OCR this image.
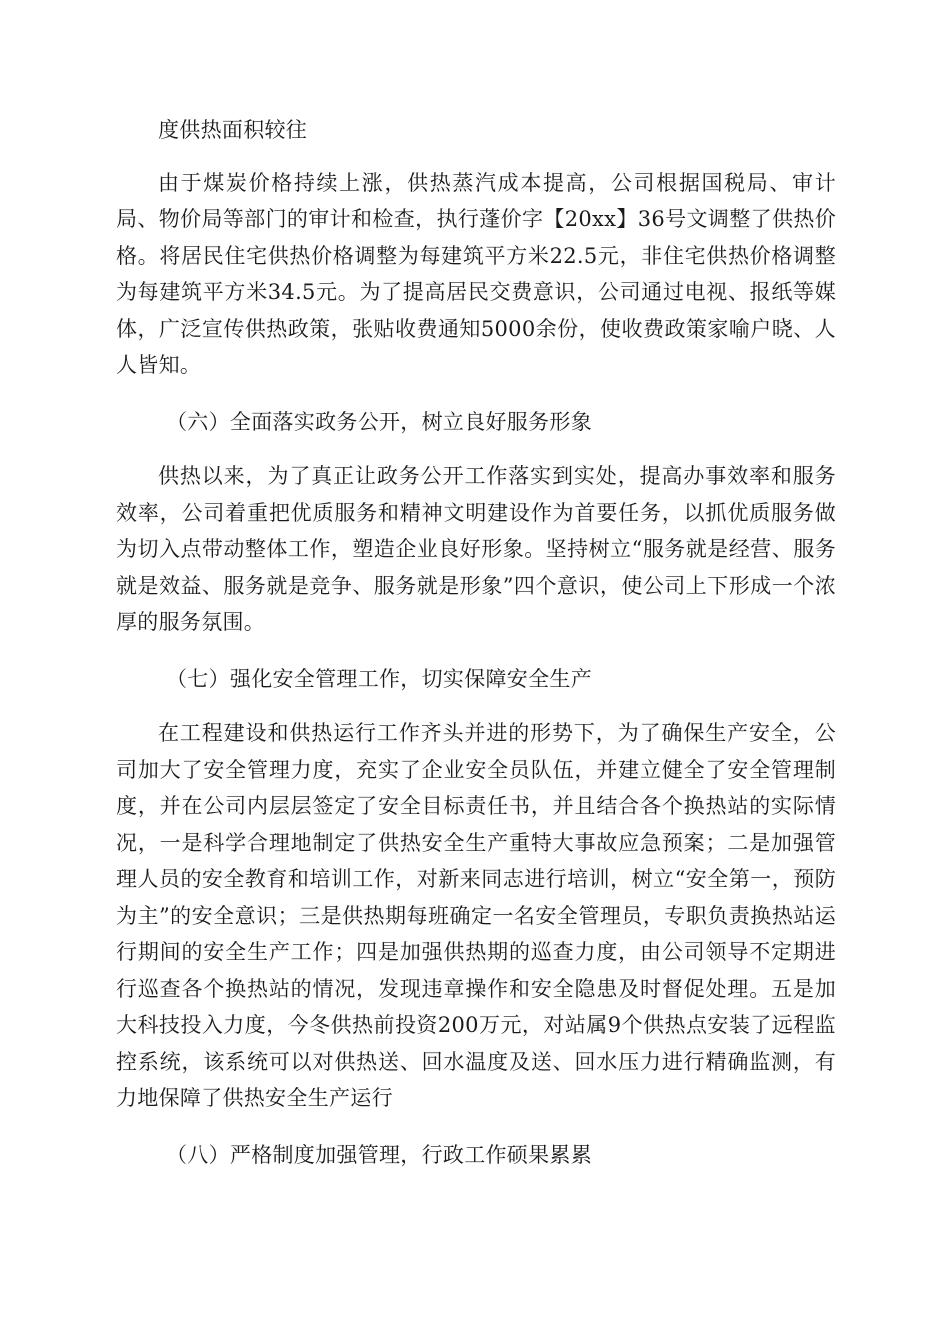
度供热面积较往

由于煤炭价格持续上涨，供热蒸汽成本提高，公司根据国税局、审计局、物价局等部门的审计和检查，执行蓬价字【20xx】36号文调整了供热价格。将居民住宅供热价格调整为每建筑平方米22.5元，非住宅供热价格调整为每建筑平方米34.5元。为了提高居民交费意识，公司通过电视、报纸等媒体，广泛宣传供热政策，张贴收费通知5000余份，使收费政策家喻户晓、人人皆知。

（六）全面落实政务公开，树立良好服务形象

供热以来，为了真正让政务公开工作落实到实处，提高办事效率和服务效率，公司着重把优质服务和精神文明建设作为首要任务，以抓优质服务做为切入点带动整体工作，塑造企业良好形象。坚持树立“服务就是经营、服务就是效益、服务就是竞争、服务就是形象”四个意识，使公司上下形成一个浓厚的服务氛围。

（七）强化安全管理工作，切实保障安全生产

在工程建设和供热运行工作齐头并进的形势下，为了确保生产安全，公司加大了安全管理力度，充实了企业安全员队伍，并建立健全了安全管理制度，并在公司内层层签定了安全目标责任书，并且结合各个换热站的实际情况，一是科学合理地制定了供热安全生产重特大事故应急预案；二是加强管理人员的安全教育和培训工作，对新来同志进行培训，树立“安全第一，预防为主”的安全意识；三是供热期每班确定一名安全管理员，专职负责换热站运行期间的安全生产工作；四是加强供热期的巡查力度，由公司领导不定期进行巡查各个换热站的情况，发现违章操作和安全隐患及时督促处理。五是加大科技投入力度，今冬供热前投资200万元，对站属9个供热点安装了远程监控系统，该系统可以对供热送、回水温度及送、回水压力进行精确监测，有力地保障了供热安全生产运行

（八）严格制度加强管理，行政工作硕果累累
